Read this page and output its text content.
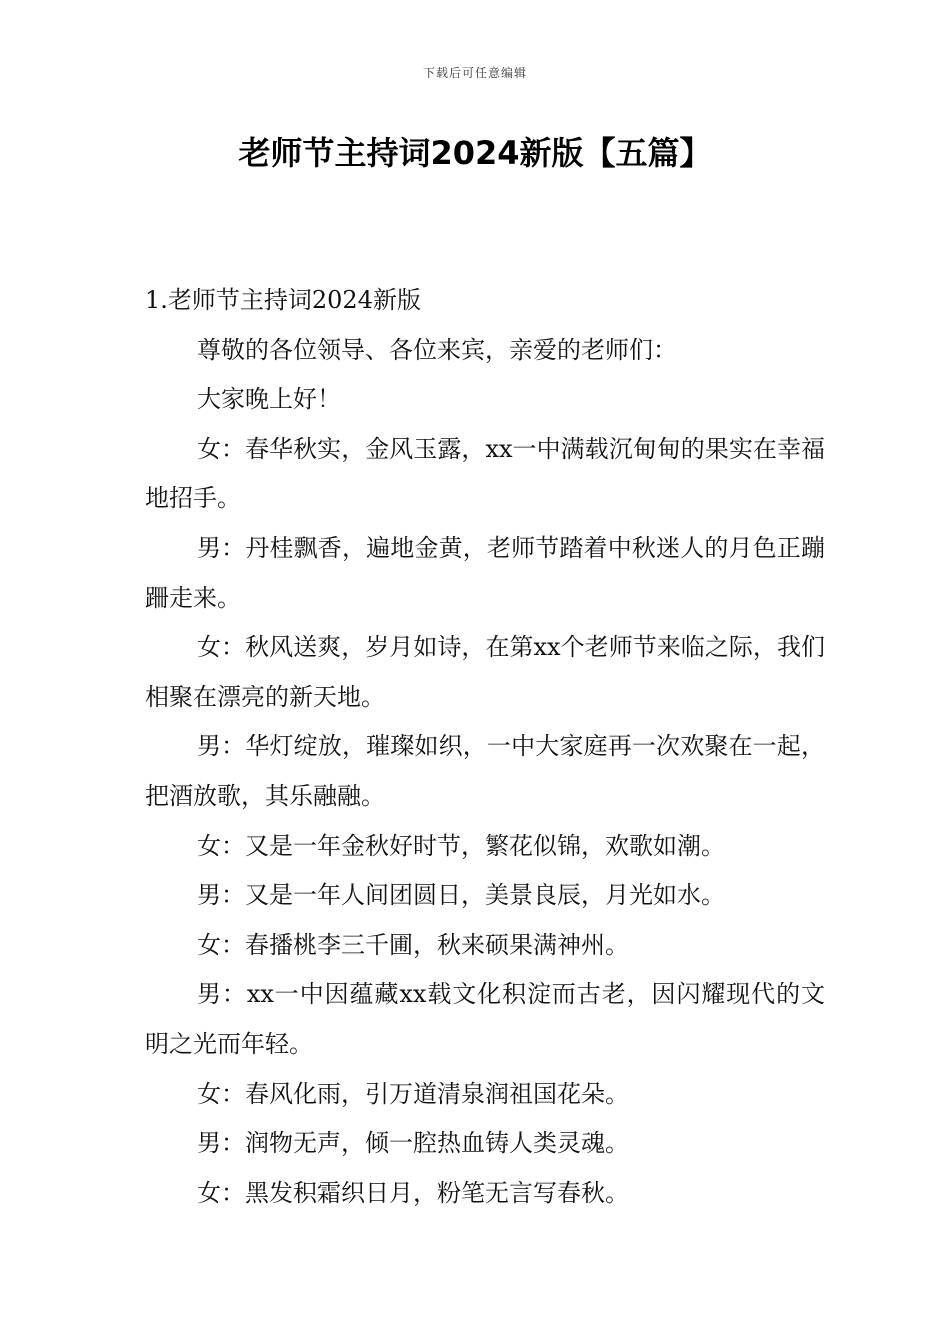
下载后可任意编辑
老师节主持词2024新版【五篇】

1.老师节主持词2024新版

尊敬的各位领导、各位来宾，亲爱的老师们：

大家晚上好！

女：春华秋实，金风玉露，xx一中满载沉甸甸的果实在幸福地招手。

男：丹桂飘香，遍地金黄，老师节踏着中秋迷人的月色正蹦跚走来。

女：秋风送爽，岁月如诗，在第xx个老师节来临之际，我们相聚在漂亮的新天地。

男：华灯绽放，璀璨如织，一中大家庭再一次欢聚在一起，把酒放歌，其乐融融。

女：又是一年金秋好时节，繁花似锦，欢歌如潮。

男：又是一年人间团圆日，美景良辰，月光如水。

女：春播桃李三千圃，秋来硕果满神州。

男：xx一中因蕴藏xx载文化积淀而古老，因闪耀现代的文明之光而年轻。

女：春风化雨，引万道清泉润祖国花朵。

男：润物无声，倾一腔热血铸人类灵魂。

女：黑发积霜织日月，粉笔无言写春秋。
